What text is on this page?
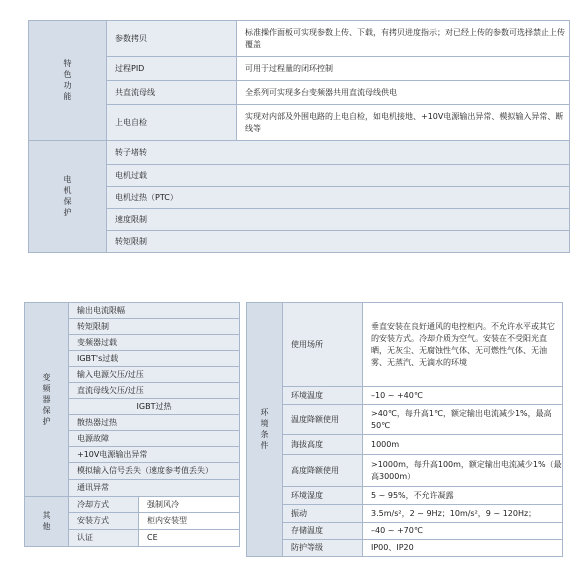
特色功能	参数拷贝	标准操作面板可实现参数上传、下载，有拷贝进度指示；对已经上传的参数可选择禁止上传覆盖
	过程PID	可用于过程量的闭环控制
	共直流母线	全系列可实现多台变频器共用直流母线供电
	上电自检	实现对内部及外围电路的上电自检，如电机接地、+10V电源输出异常、模拟输入异常、断线等
电机保护	转子堵转	
	电机过载	
	电机过热（PTC）	
	速度限制	
	转矩限制	
变频器保护	输出电流限幅	
	转矩限制	
	变频器过载	
	IGBT's过载	
	输入电源欠压/过压	
	直流母线欠压/过压	
	IGBT过热	
	散热器过热	
	电源故障	
	+10V电源输出异常	
	模拟输入信号丢失（速度参考值丢失）	
	通讯异常	
其他	冷却方式	强制风冷
	安装方式	柜内安装型
	认证	CE
环境条件	使用场所	垂直安装在良好通风的电控柜内。不允许水平或其它的安装方式。冷却介质为空气。安装在不受阳光直晒，无灰尘、无腐蚀性气体、无可燃性气体、无油雾、无蒸汽、无滴水的环境
	环境温度	–10 ~ +40℃
	温度降额使用	>40℃，每升高1℃，额定输出电流减少1%，最高50℃
	海拔高度	1000m
	高度降额使用	>1000m，每升高100m，额定输出电流减少1%（最高3000m）
	环境湿度	5 ~ 95%，不允许凝露
	振动	3.5m/s²，2 ~ 9Hz；10m/s²，9 ~ 120Hz；
	存储温度	–40 ~ +70℃
	防护等级	IP00、IP20
